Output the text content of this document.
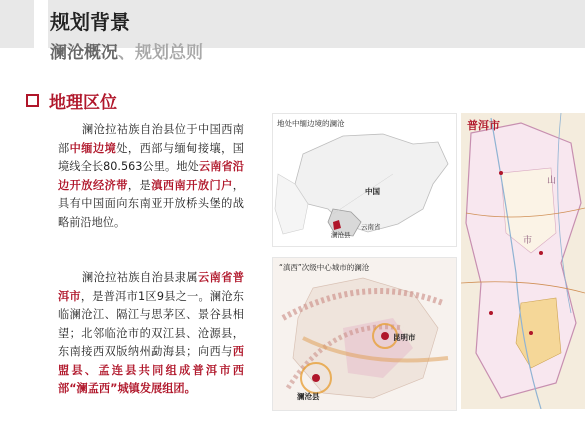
规划背景
澜沧概况、规划总则
地理区位
澜沧拉祜族自治县位于中国西南部中缅边境处，西部与缅甸接壤，国境线全长80.563公里。地处云南省沿边开放经济带，是滇西南开放门户，具有中国面向东南亚开放桥头堡的战略前沿地位。
澜沧拉祜族自治县隶属云南省普洱市，是普洱市1区9县之一。澜沧东临澜沧江、隔江与思茅区、景谷县相望；北邻临沧市的双江县、沧源县，东南接西双版纳州勐海县；向西与西盟县、孟连县共同组成普洱市西部“澜孟西”城镇发展组团。
地处中缅边境的澜沧
中国
云南省
澜沧县
“滇西”次级中心城市的澜沧
昆明市
澜沧县
普洱市
山
市
